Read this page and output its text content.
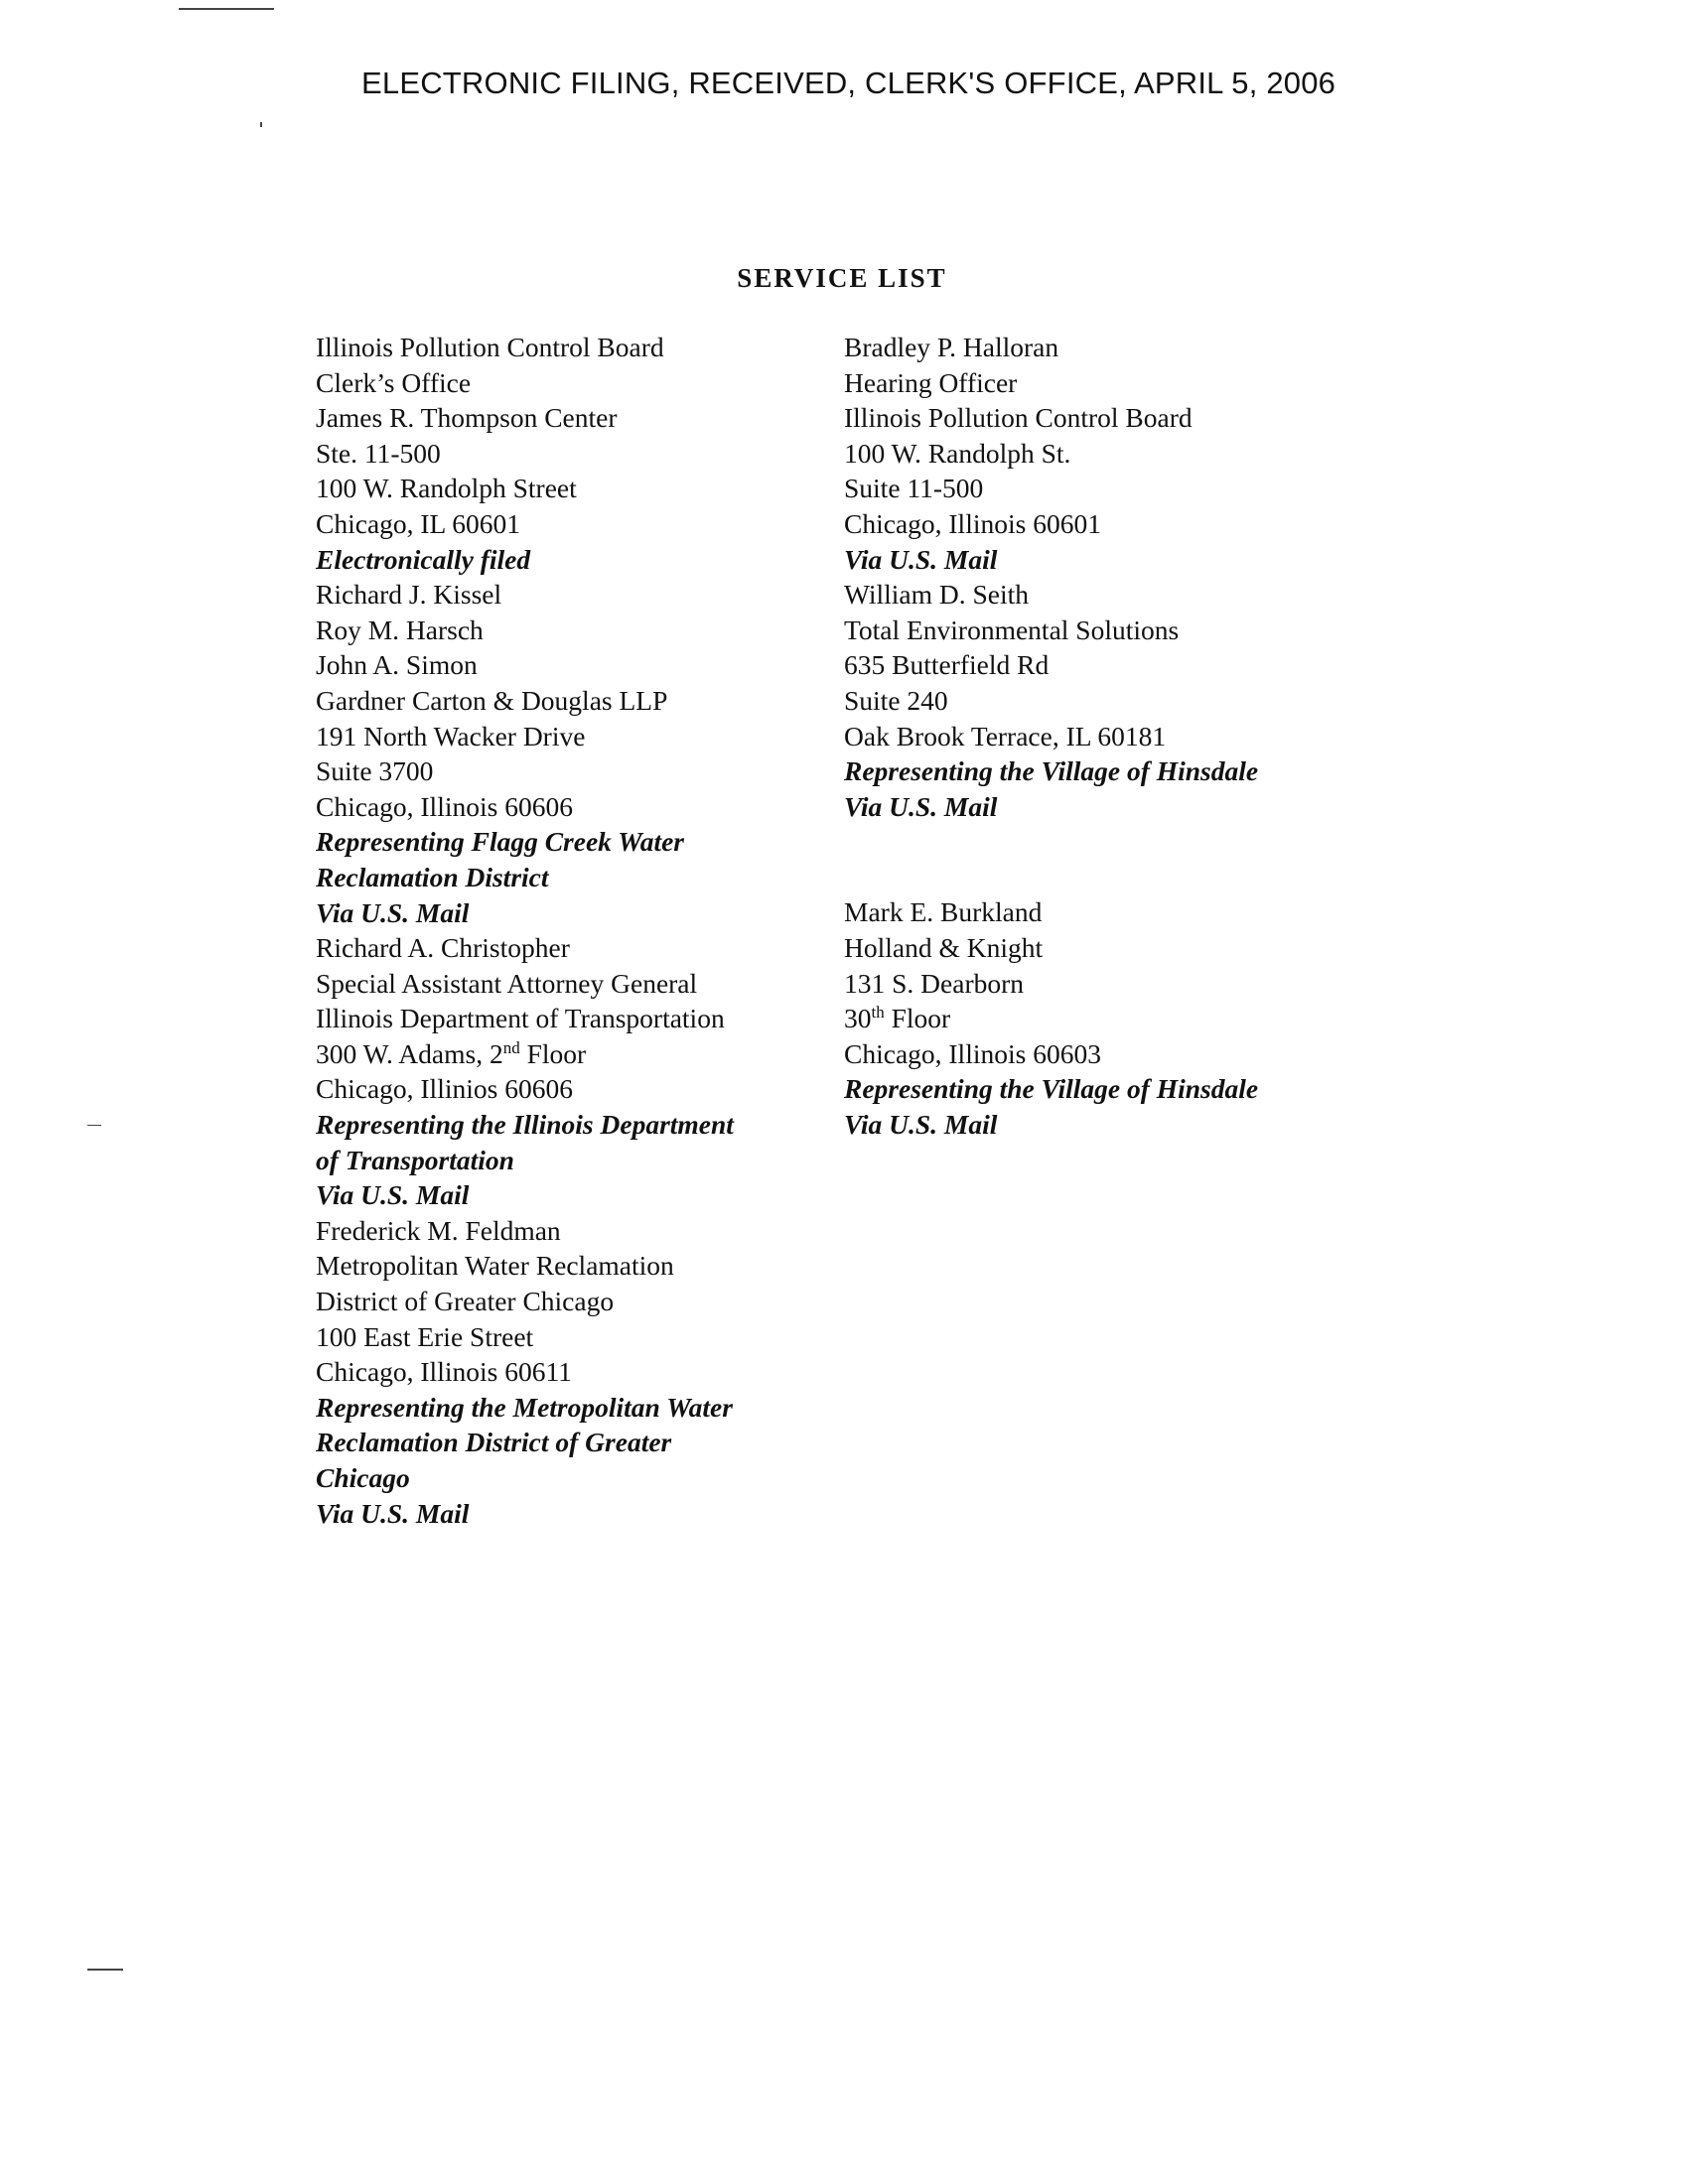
ELECTRONIC FILING, RECEIVED, CLERK'S OFFICE, APRIL 5, 2006
SERVICE LIST
Illinois Pollution Control Board
Clerk’s Office
James R. Thompson Center
Ste. 11-500
100 W. Randolph Street
Chicago, IL 60601
Electronically filed
Richard J. Kissel
Roy M. Harsch
John A. Simon
Gardner Carton & Douglas LLP
191 North Wacker Drive
Suite 3700
Chicago, Illinois 60606
Representing Flagg Creek Water
Reclamation District
Via U.S. Mail
Richard A. Christopher
Special Assistant Attorney General
Illinois Department of Transportation
300 W. Adams, 2nd Floor
Chicago, Illinios 60606
Representing the Illinois Department
of Transportation
Via U.S. Mail
Frederick M. Feldman
Metropolitan Water Reclamation
District of Greater Chicago
100 East Erie Street
Chicago, Illinois 60611
Representing the Metropolitan Water
Reclamation District of Greater
Chicago
Via U.S. Mail
Bradley P. Halloran
Hearing Officer
Illinois Pollution Control Board
100 W. Randolph St.
Suite 11-500
Chicago, Illinois 60601
Via U.S. Mail
William D. Seith
Total Environmental Solutions
635 Butterfield Rd
Suite 240
Oak Brook Terrace, IL 60181
Representing the Village of Hinsdale
Via U.S. Mail
Mark E. Burkland
Holland & Knight
131 S. Dearborn
30th Floor
Chicago, Illinois 60603
Representing the Village of Hinsdale
Via U.S. Mail
